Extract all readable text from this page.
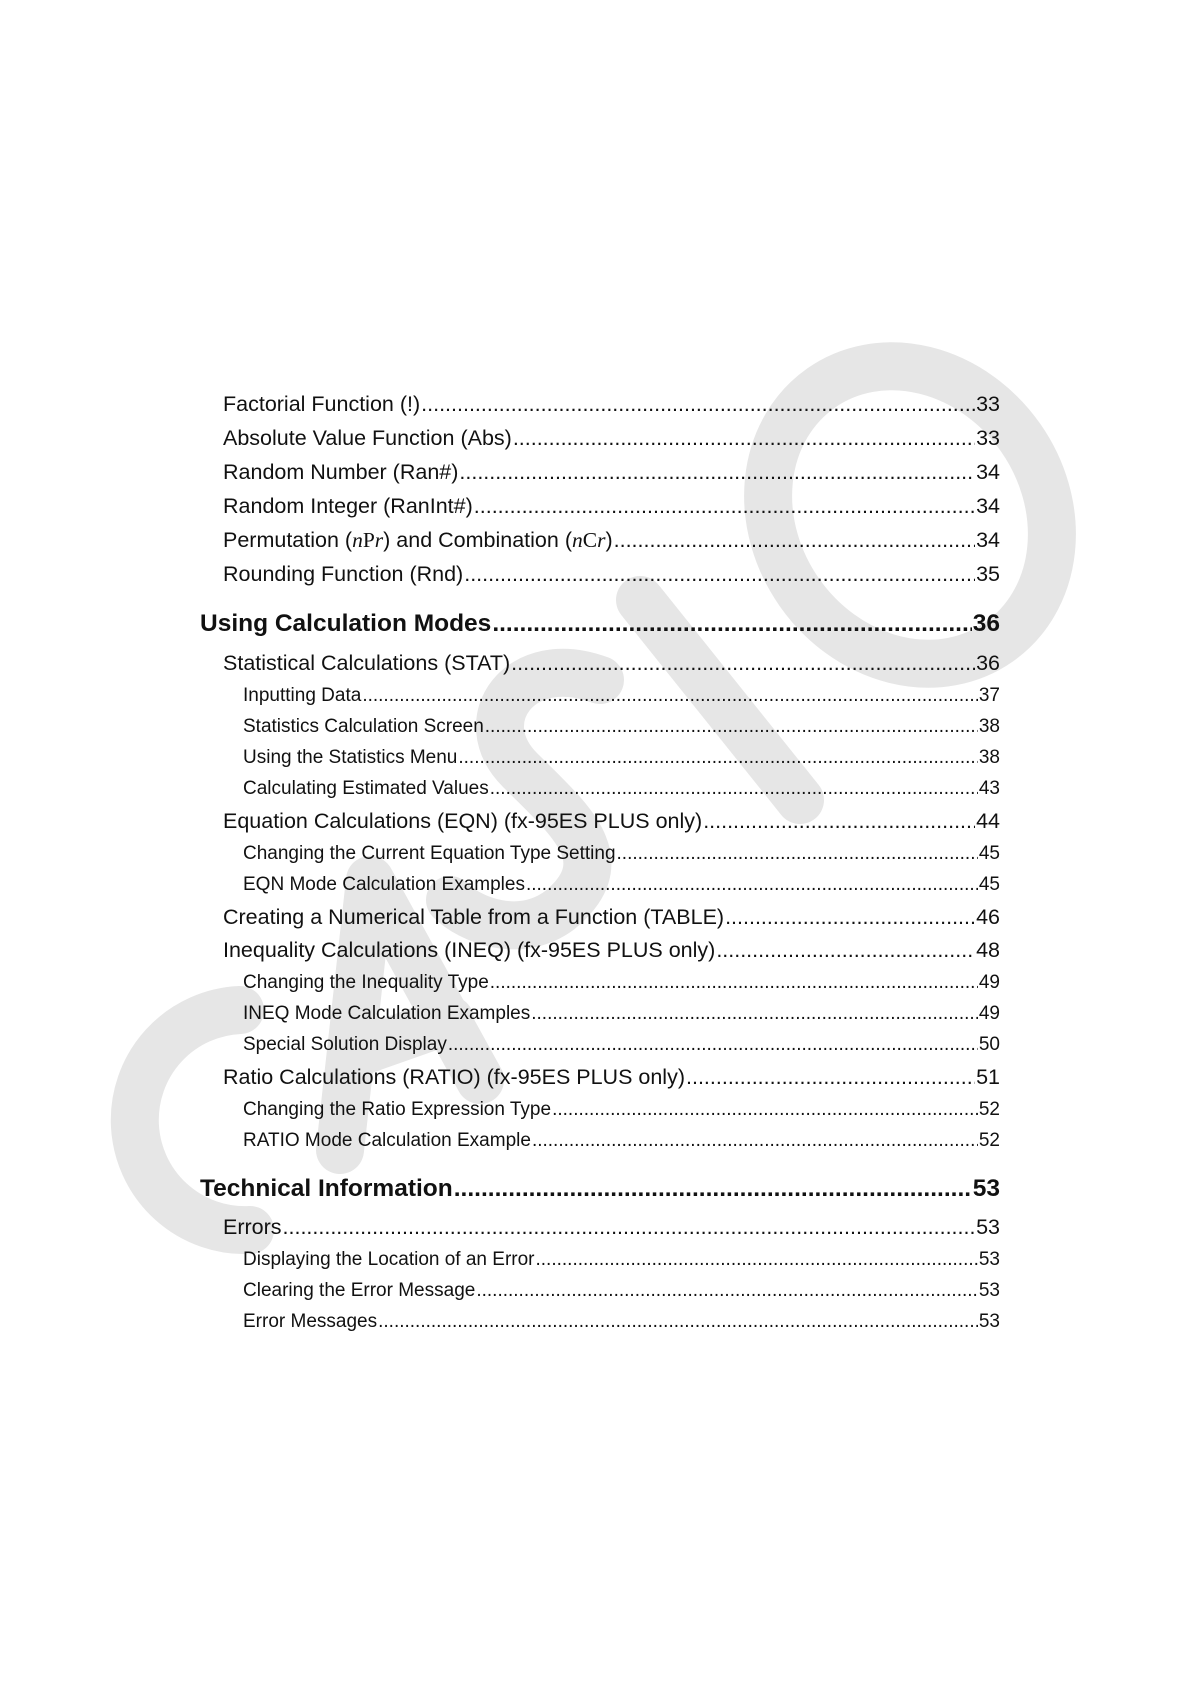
Factorial Function (!) .....	33
Absolute Value Function (Abs) .....	33
Random Number (Ran#) .....	34
Random Integer (RanInt#) .....	34
Permutation (nPr) and Combination (nCr) .....	34
Rounding Function (Rnd) .....	35
Using Calculation Modes .....	36
Statistical Calculations (STAT) .....	36
Inputting Data .....	37
Statistics Calculation Screen .....	38
Using the Statistics Menu .....	38
Calculating Estimated Values .....	43
Equation Calculations (EQN) (fx-95ES PLUS only) .....	44
Changing the Current Equation Type Setting .....	45
EQN Mode Calculation Examples .....	45
Creating a Numerical Table from a Function (TABLE) .....	46
Inequality Calculations (INEQ) (fx-95ES PLUS only) .....	48
Changing the Inequality Type .....	49
INEQ Mode Calculation Examples .....	49
Special Solution Display .....	50
Ratio Calculations (RATIO) (fx-95ES PLUS only) .....	51
Changing the Ratio Expression Type .....	52
RATIO Mode Calculation Example .....	52
Technical Information .....	53
Errors .....	53
Displaying the Location of an Error .....	53
Clearing the Error Message .....	53
Error Messages .....	53
